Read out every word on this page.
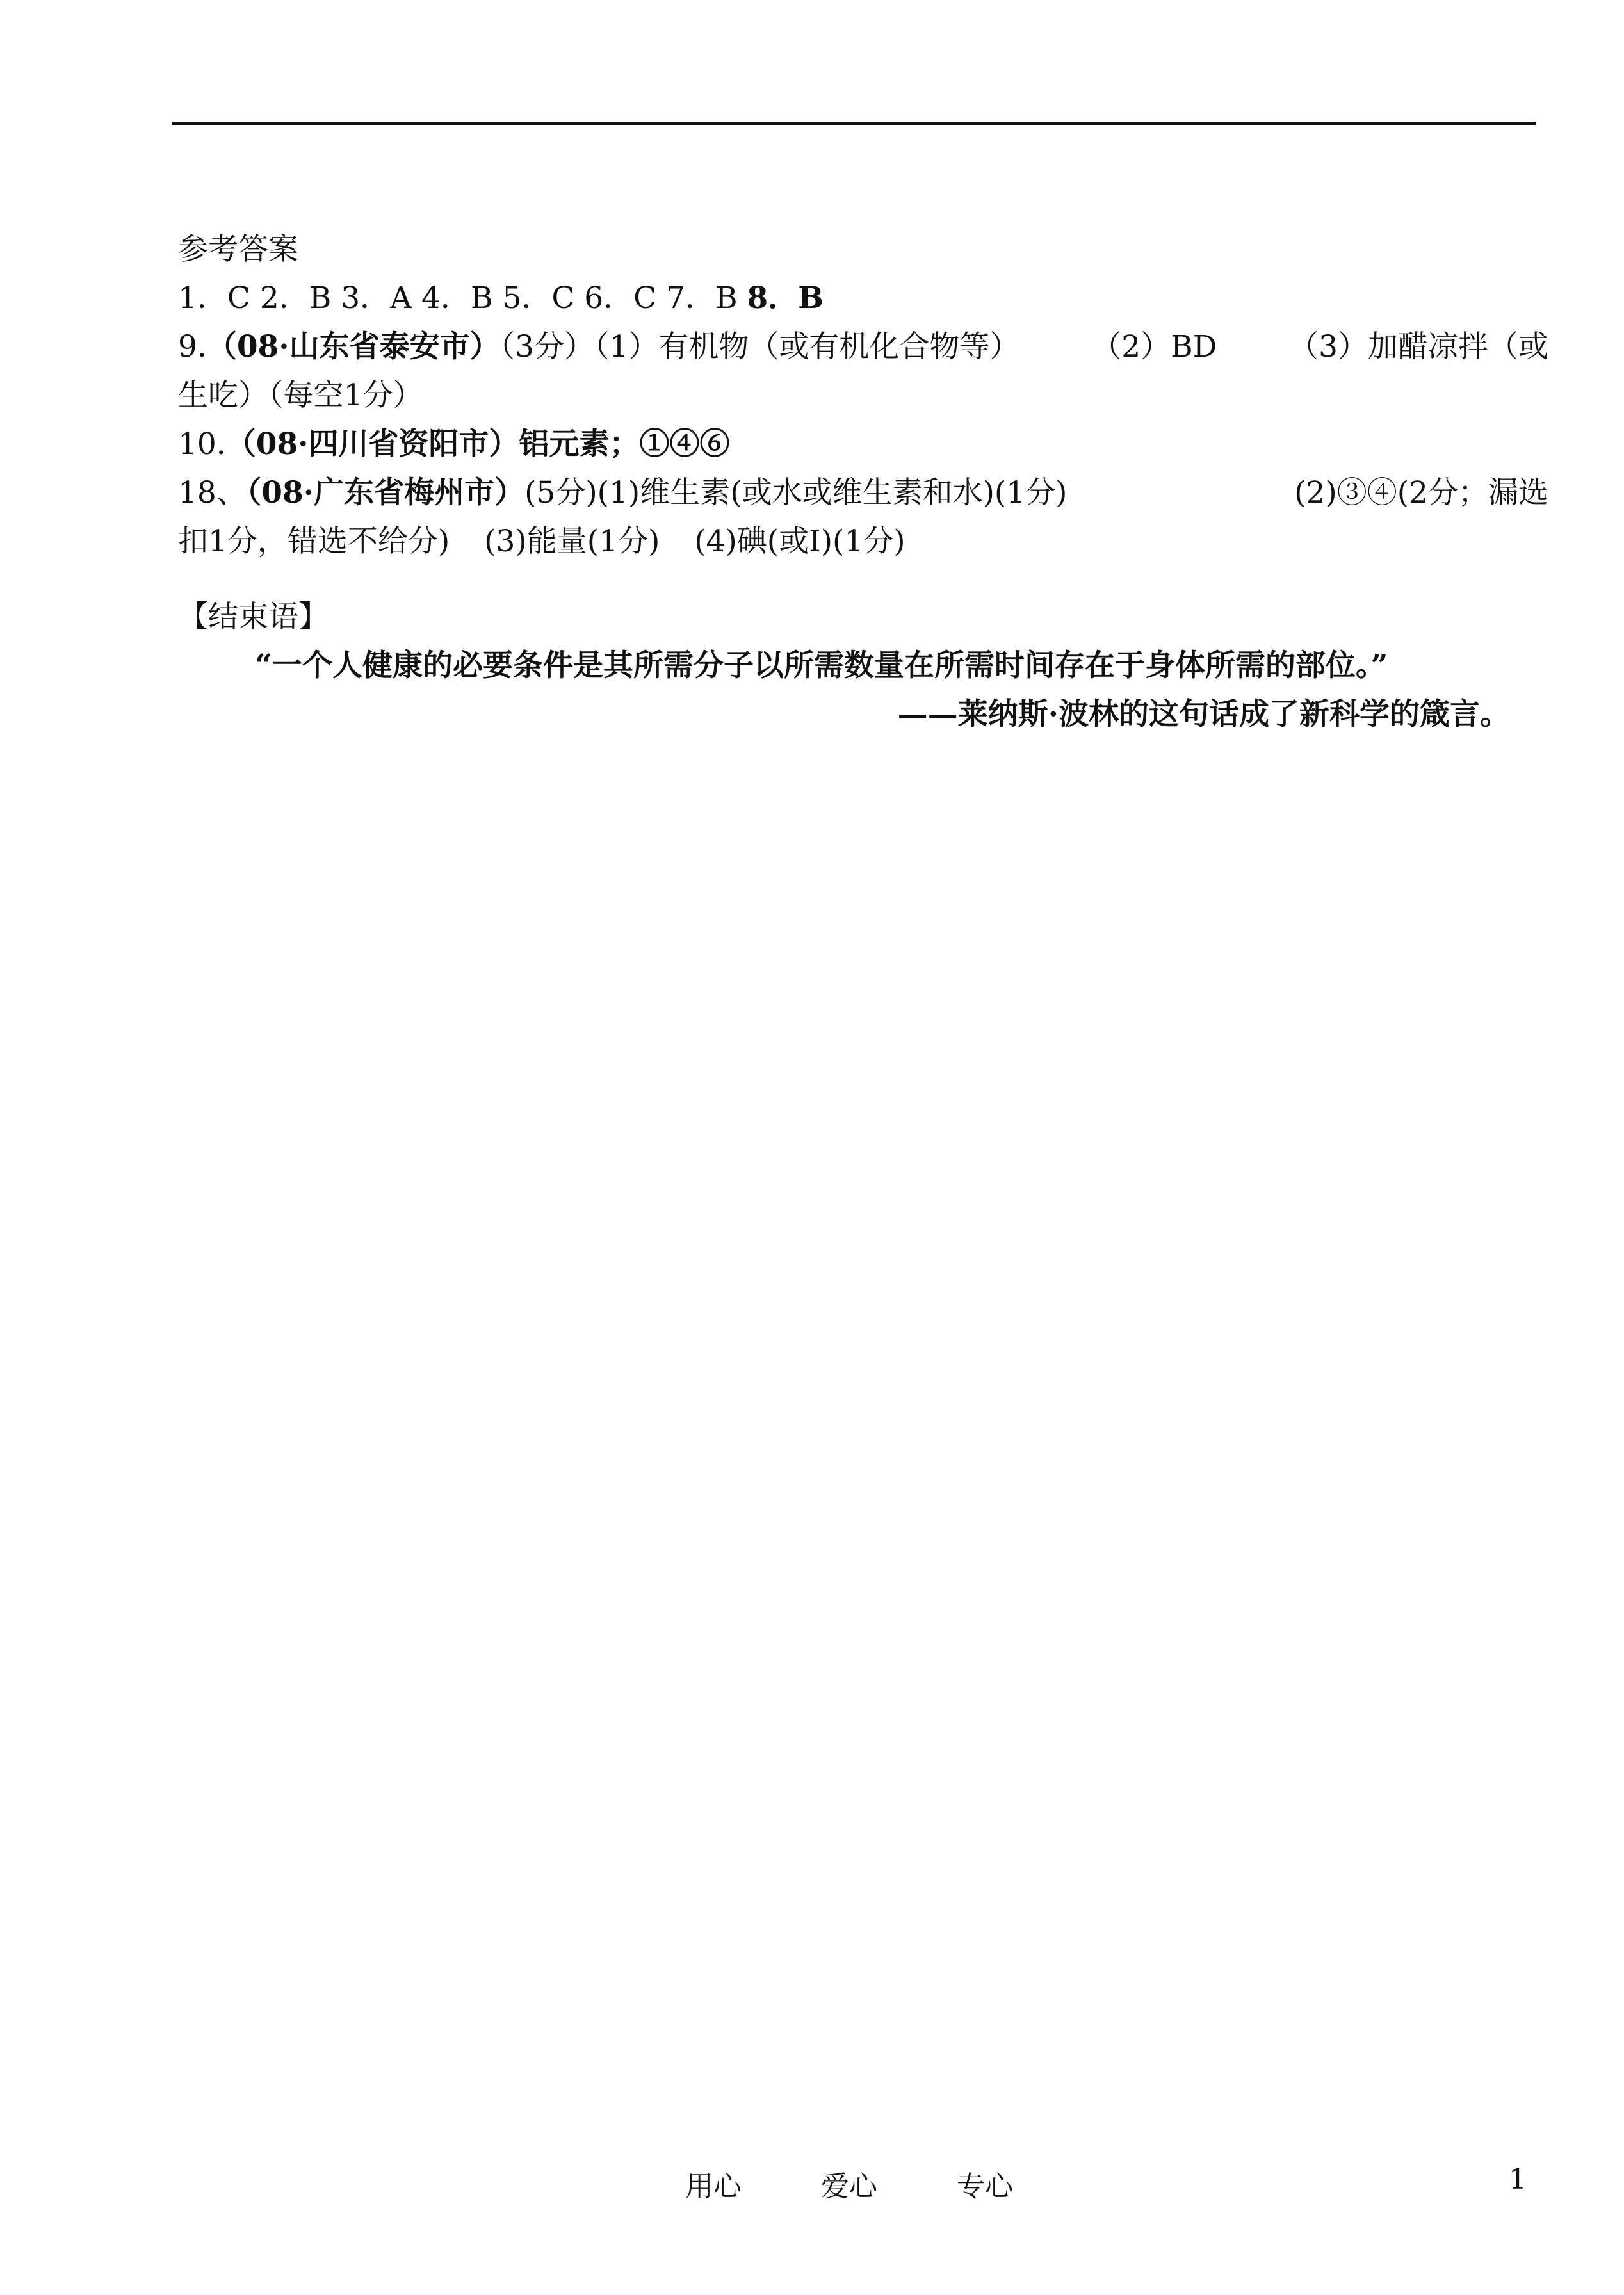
参考答案
1．C 2．B 3．A 4．B 5．C 6．C 7．B 8．B
9.（08·山东省泰安市）（3分）（1）有机物（或有机化合物等） （2）BD （3）加醋凉拌（或
生吃）（每空1分）
10.（08·四川省资阳市）铝元素；①④⑥
18、（08·广东省梅州市）(5分)(1)维生素(或水或维生素和水)(1分)	(2)③④(2分；漏选
扣1分，错选不给分) (3)能量(1分) (4)碘(或I)(1分)
【结束语】
“一个人健康的必要条件是其所需分子以所需数量在所需时间存在于身体所需的部位。”
——莱纳斯·波林的这句话成了新科学的箴言。
用心	爱心	专心	1
